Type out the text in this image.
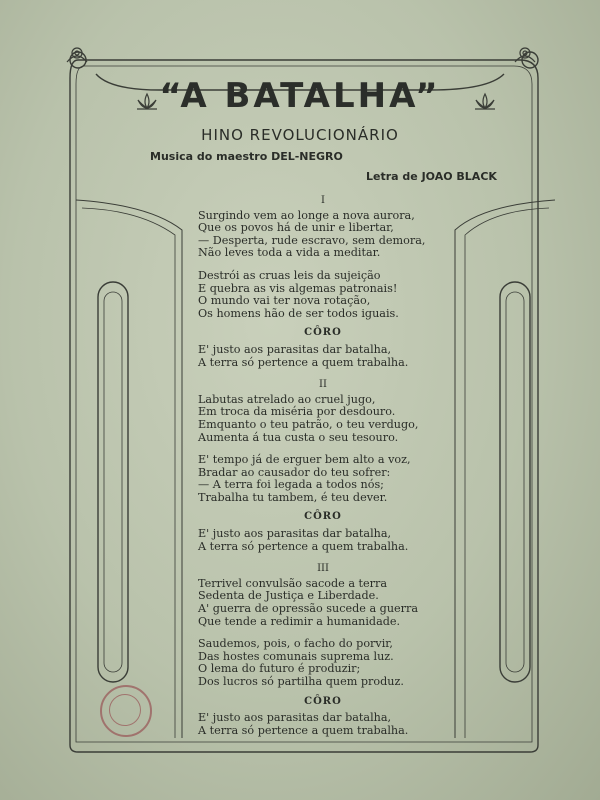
“A BATALHA”
HINO REVOLUCIONÁRIO
Musica do maestro DEL-NEGRO
Letra de JOAO BLACK
I
Surgindo vem ao longe a nova aurora,
Que os povos há de unir e libertar,
— Desperta, rude escravo, sem demora,
Não leves toda a vida a meditar.
Destrói as cruas leis da sujeição
E quebra as vis algemas patronais!
O mundo vai ter nova rotação,
Os homens hão de ser todos iguais.
CÔRO
E' justo aos parasitas dar batalha,
A terra só pertence a quem trabalha.
II
Labutas atrelado ao cruel jugo,
Em troca da miséria por desdouro.
Emquanto o teu patrão, o teu verdugo,
Aumenta á tua custa o seu tesouro.
E' tempo já de erguer bem alto a voz,
Bradar ao causador do teu sofrer:
— A terra foi legada a todos nós;
Trabalha tu tambem, é teu dever.
CÔRO
E' justo aos parasitas dar batalha,
A terra só pertence a quem trabalha.
III
Terrivel convulsão sacode a terra
Sedenta de Justiça e Liberdade.
A' guerra de opressão sucede a guerra
Que tende a redimir a humanidade.
Saudemos, pois, o facho do porvir,
Das hostes comunais suprema luz.
O lema do futuro é produzir;
Dos lucros só partilha quem produz.
CÔRO
E' justo aos parasitas dar batalha,
A terra só pertence a quem trabalha.
